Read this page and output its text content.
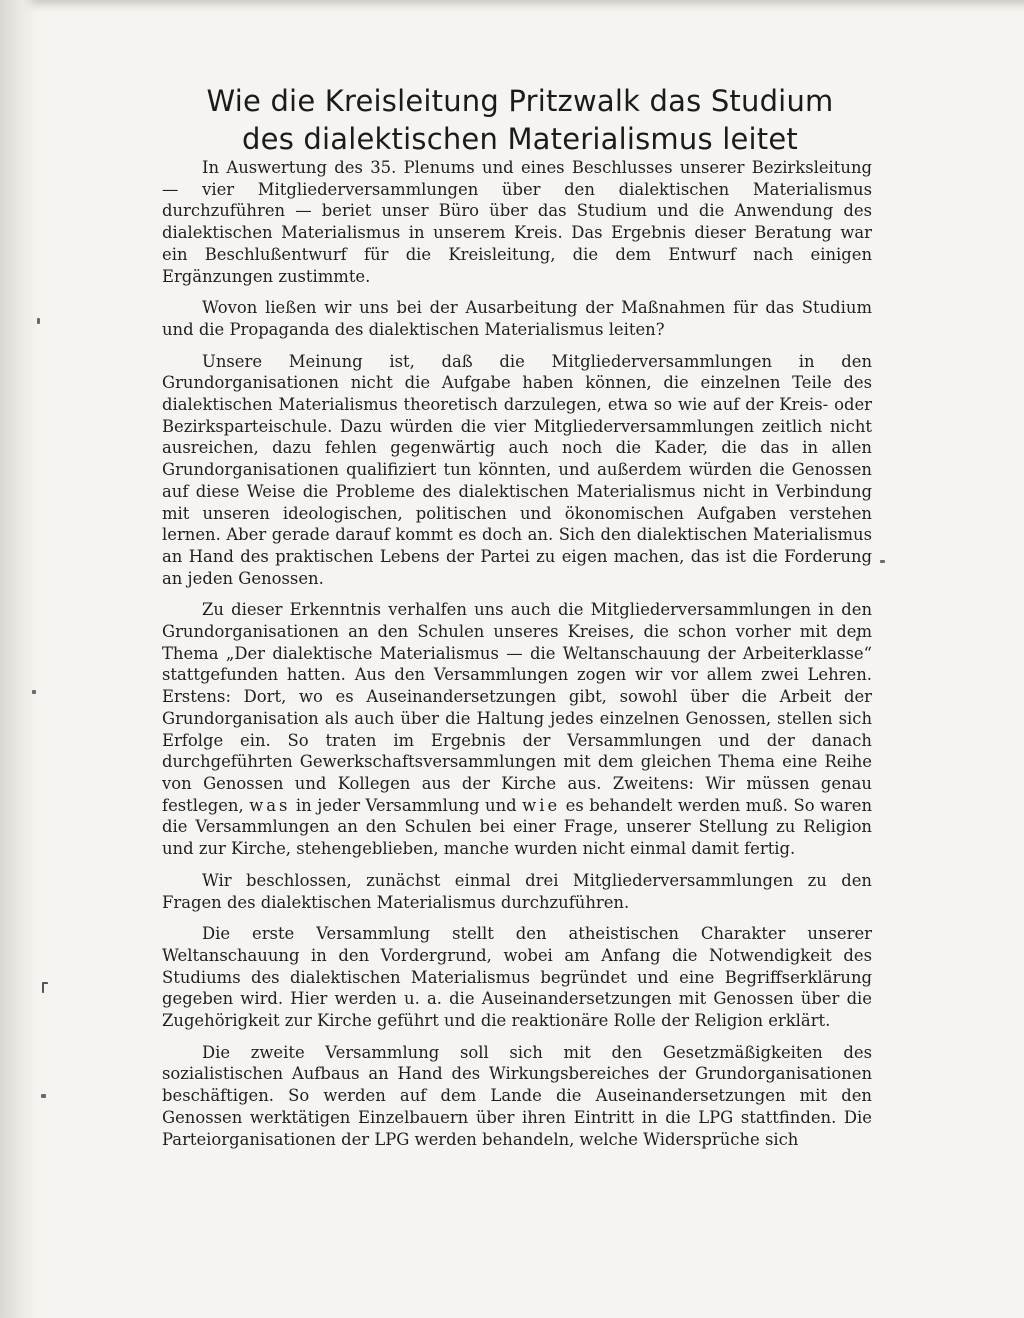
Wie die Kreisleitung Pritzwalk das Studium
des dialektischen Materialismus leitet

In Auswertung des 35. Plenums und eines Beschlusses unserer Bezirksleitung — vier Mitgliederversammlungen über den dialektischen Materialismus durchzuführen — beriet unser Büro über das Studium und die Anwendung des dialektischen Materialismus in unserem Kreis. Das Ergebnis dieser Beratung war ein Beschlußentwurf für die Kreisleitung, die dem Entwurf nach einigen Ergänzungen zustimmte.

Wovon ließen wir uns bei der Ausarbeitung der Maßnahmen für das Studium und die Propaganda des dialektischen Materialismus leiten?

Unsere Meinung ist, daß die Mitgliederversammlungen in den Grundorganisationen nicht die Aufgabe haben können, die einzelnen Teile des dialektischen Materialismus theoretisch darzulegen, etwa so wie auf der Kreis- oder Bezirksparteischule. Dazu würden die vier Mitgliederversammlungen zeitlich nicht ausreichen, dazu fehlen gegenwärtig auch noch die Kader, die das in allen Grundorganisationen qualifiziert tun könnten, und außerdem würden die Genossen auf diese Weise die Probleme des dialektischen Materialismus nicht in Verbindung mit unseren ideologischen, politischen und ökonomischen Aufgaben verstehen lernen. Aber gerade darauf kommt es doch an. Sich den dialektischen Materialismus an Hand des praktischen Lebens der Partei zu eigen machen, das ist die Forderung an jeden Genossen.

Zu dieser Erkenntnis verhalfen uns auch die Mitgliederversammlungen in den Grundorganisationen an den Schulen unseres Kreises, die schon vorher mit dem Thema „Der dialektische Materialismus — die Weltanschauung der Arbeiterklasse“ stattgefunden hatten. Aus den Versammlungen zogen wir vor allem zwei Lehren. Erstens: Dort, wo es Auseinandersetzungen gibt, sowohl über die Arbeit der Grundorganisation als auch über die Haltung jedes einzelnen Genossen, stellen sich Erfolge ein. So traten im Ergebnis der Versammlungen und der danach durchgeführten Gewerkschaftsversammlungen mit dem gleichen Thema eine Reihe von Genossen und Kollegen aus der Kirche aus. Zweitens: Wir müssen genau festlegen, was in jeder Versammlung und wie es behandelt werden muß. So waren die Versammlungen an den Schulen bei einer Frage, unserer Stellung zu Religion und zur Kirche, stehengeblieben, manche wurden nicht einmal damit fertig.

Wir beschlossen, zunächst einmal drei Mitgliederversammlungen zu den Fragen des dialektischen Materialismus durchzuführen.

Die erste Versammlung stellt den atheistischen Charakter unserer Weltanschauung in den Vordergrund, wobei am Anfang die Notwendigkeit des Studiums des dialektischen Materialismus begründet und eine Begriffserklärung gegeben wird. Hier werden u. a. die Auseinandersetzungen mit Genossen über die Zugehörigkeit zur Kirche geführt und die reaktionäre Rolle der Religion erklärt.

Die zweite Versammlung soll sich mit den Gesetzmäßigkeiten des sozialistischen Aufbaus an Hand des Wirkungsbereiches der Grundorganisationen beschäftigen. So werden auf dem Lande die Auseinandersetzungen mit den Genossen werktätigen Einzelbauern über ihren Eintritt in die LPG stattfinden. Die Parteiorganisationen der LPG werden behandeln, welche Widersprüche sich
